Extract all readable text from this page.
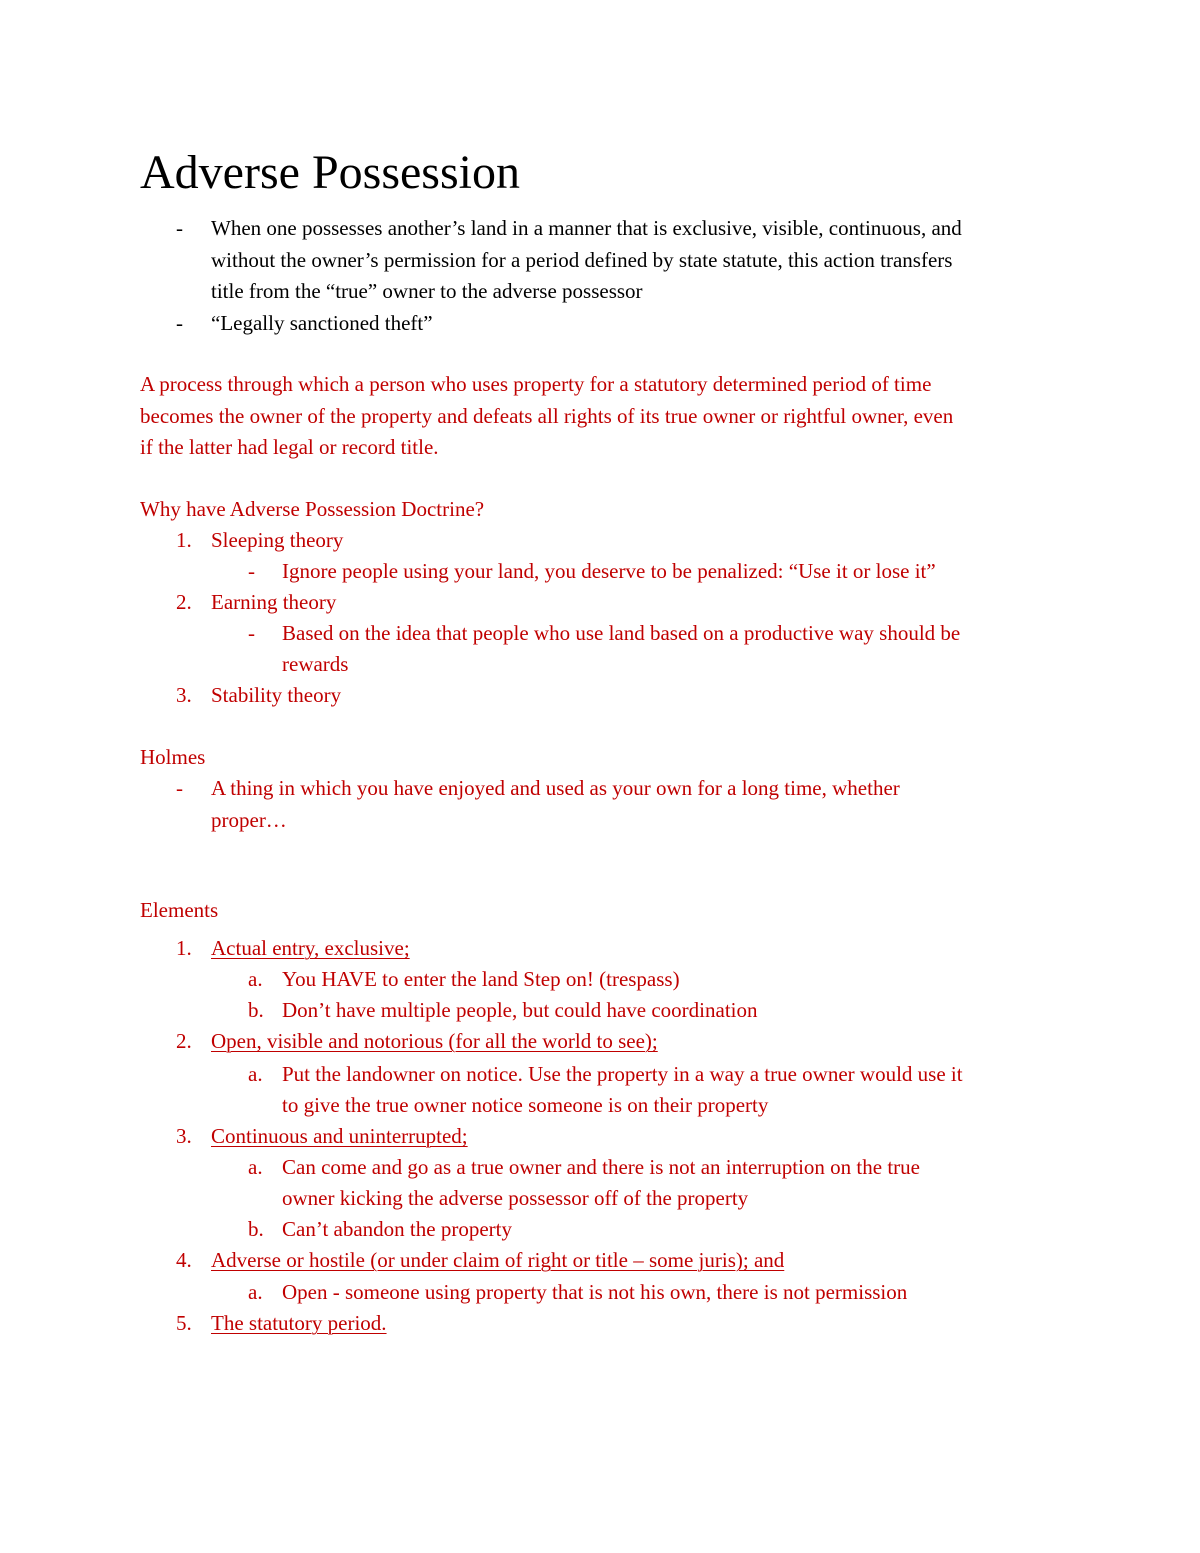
Adverse Possession
- When one possesses another’s land in a manner that is exclusive, visible, continuous, and
without the owner’s permission for a period defined by state statute, this action transfers
title from the “true” owner to the adverse possessor
- “Legally sanctioned theft”
A process through which a person who uses property for a statutory determined period of time
becomes the owner of the property and defeats all rights of its true owner or rightful owner, even
if the latter had legal or record title.
Why have Adverse Possession Doctrine?
1. Sleeping theory
- Ignore people using your land, you deserve to be penalized: “Use it or lose it”
2. Earning theory
- Based on the idea that people who use land based on a productive way should be
rewards
3. Stability theory
Holmes
- A thing in which you have enjoyed and used as your own for a long time, whether
proper…
Elements
1. Actual entry, exclusive;
a. You HAVE to enter the land Step on! (trespass)
b. Don’t have multiple people, but could have coordination
2. Open, visible and notorious (for all the world to see);
a. Put the landowner on notice. Use the property in a way a true owner would use it
to give the true owner notice someone is on their property
3. Continuous and uninterrupted;
a. Can come and go as a true owner and there is not an interruption on the true
owner kicking the adverse possessor off of the property
b. Can’t abandon the property
4. Adverse or hostile (or under claim of right or title – some juris); and
a. Open - someone using property that is not his own, there is not permission
5. The statutory period.
